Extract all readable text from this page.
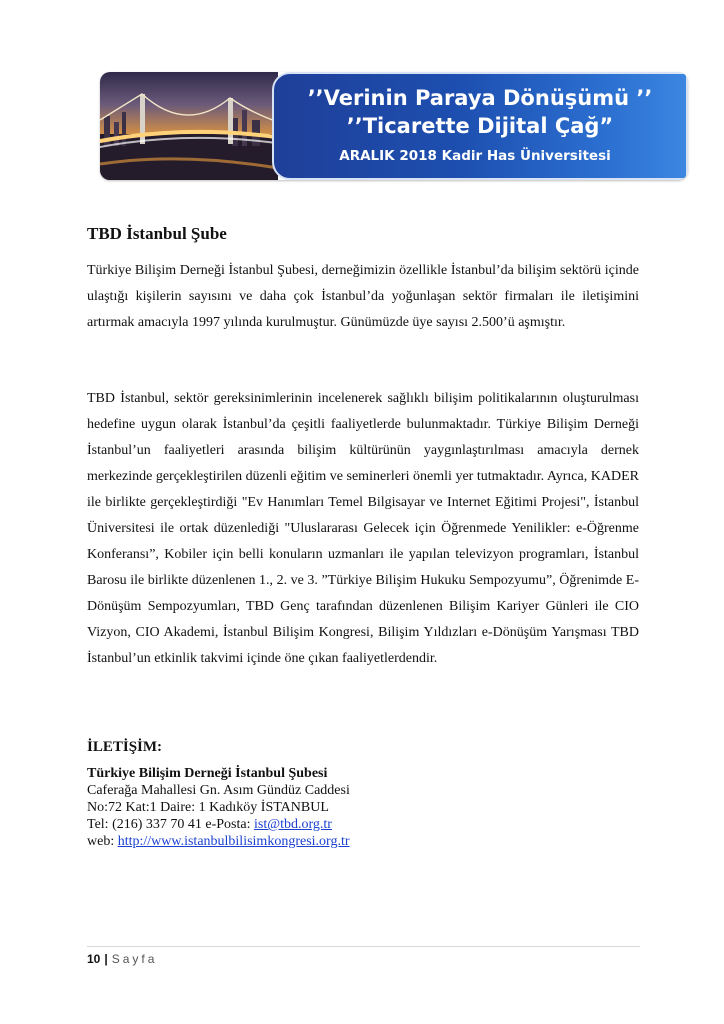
’’Verinin Paraya Dönüşümü ’’
’’Ticarette Dijital Çağ”
ARALIK 2018 Kadir Has Üniversitesi
TBD İstanbul Şube

Türkiye Bilişim Derneği İstanbul Şubesi, derneğimizin özellikle İstanbul’da bilişim sektörü içinde ulaştığı kişilerin sayısını ve daha çok İstanbul’da yoğunlaşan sektör firmaları ile iletişimini artırmak amacıyla 1997 yılında kurulmuştur. Günümüzde üye sayısı 2.500’ü aşmıştır.

TBD İstanbul, sektör gereksinimlerinin incelenerek sağlıklı bilişim politikalarının oluşturulması hedefine uygun olarak İstanbul’da çeşitli faaliyetlerde bulunmaktadır. Türkiye Bilişim Derneği İstanbul’un faaliyetleri arasında bilişim kültürünün yaygınlaştırılması amacıyla dernek merkezinde gerçekleştirilen düzenli eğitim ve seminerleri önemli yer tutmaktadır. Ayrıca, KADER ile birlikte gerçekleştirdiği "Ev Hanımları Temel Bilgisayar ve Internet Eğitimi Projesi", İstanbul Üniversitesi ile ortak düzenlediği "Uluslararası Gelecek için Öğrenmede Yenilikler: e-Öğrenme Konferansı”, Kobiler için belli konuların uzmanları ile yapılan televizyon programları, İstanbul Barosu ile birlikte düzenlenen 1., 2. ve 3. ”Türkiye Bilişim Hukuku Sempozyumu”, Öğrenimde E-Dönüşüm Sempozyumları, TBD Genç tarafından düzenlenen Bilişim Kariyer Günleri ile CIO Vizyon, CIO Akademi, İstanbul Bilişim Kongresi, Bilişim Yıldızları e-Dönüşüm Yarışması TBD İstanbul’un etkinlik takvimi içinde öne çıkan faaliyetlerdendir.

İLETİŞİM:
Türkiye Bilişim Derneği İstanbul Şubesi
Caferağa Mahallesi Gn. Asım Gündüz Caddesi
No:72 Kat:1 Daire: 1 Kadıköy İSTANBUL
Tel: (216) 337 70 41 e-Posta: ist@tbd.org.tr
web: http://www.istanbulbilisimkongresi.org.tr
10 | Sayfa
